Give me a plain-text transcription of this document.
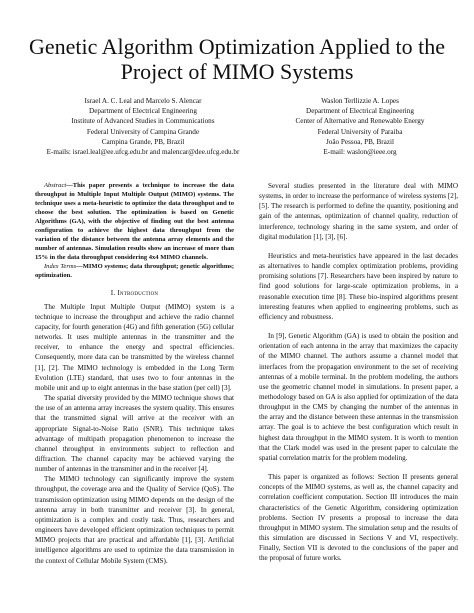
Genetic Algorithm Optimization Applied to the Project of MIMO Systems
Israel A. C. Leal and Marcelo S. Alencar
Department of Electrical Engineering
Institute of Advanced Studies in Communications
Federal University of Campina Grande
Campina Grande, PB, Brazil
E-mails: israel.leal@ee.ufcg.edu.br and malencar@dee.ufcg.edu.br
Waslon Terllizzie A. Lopes
Department of Electrical Engineering
Center of Alternative and Renewable Energy
Federal University of Paraiba
João Pessoa, PB, Brazil
E-mail: waslon@ieee.org

Abstract—This paper presents a technique to increase the data throughput in Multiple Input Multiple Output (MIMO) systems. The technique uses a meta-heuristic to optimize the data throughput and to choose the best solution. The optimization is based on Genetic Algorithms (GA), with the objective of finding out the best antenna configuration to achieve the highest data throughput from the variation of the distance between the antenna array elements and the number of antennas. Simulation results show an increase of more than 15% in the data throughput considering 4x4 MIMO channels.

Index Terms—MIMO systems; data throughput; genetic algorithms; optimization.

I. Introduction

The Multiple Input Multiple Output (MIMO) system is a technique to increase the throughput and achieve the radio channel capacity, for fourth generation (4G) and fifth generation (5G) cellular networks. It uses multiple antennas in the transmitter and the receiver, to enhance the energy and spectral efficiencies. Consequently, more data can be transmitted by the wireless channel [1], [2]. The MIMO technology is embedded in the Long Term Evolution (LTE) standard, that uses two to four antennas in the mobile unit and up to eight antennas in the base station (per cell) [3].

The spatial diversity provided by the MIMO technique shows that the use of an antenna array increases the system quality. This ensures that the transmitted signal will arrive at the receiver with an appropriate Signal-to-Noise Ratio (SNR). This technique takes advantage of multipath propagation phenomenon to increase the channel throughput in environments subject to reflection and diffraction. The channel capacity may be achieved varying the number of antennas in the transmitter and in the receiver [4].

The MIMO technology can significantly improve the system throughput, the coverage area and the Quality of Service (QoS). The transmission optimization using MIMO depends on the design of the antenna array in both transmitter and receiver [3]. In general, optimization is a complex and costly task. Thus, researchers and engineers have developed efficient optimization techniques to permit MIMO projects that are practical and affordable [1], [3]. Artificial intelligence algorithms are used to optimize the data transmission in the context of Cellular Mobile System (CMS).

Several studies presented in the literature deal with MIMO systems, in order to increase the performance of wireless systems [2], [5]. The research is performed to define the quantity, positioning and gain of the antennas, optimization of channel quality, reduction of interference, technology sharing in the same system, and order of digital modulation [1], [3], [6].

Heuristics and meta-heuristics have appeared in the last decades as alternatives to handle complex optimization problems, providing promising solutions [7]. Researchers have been inspired by nature to find good solutions for large-scale optimization problems, in a reasonable execution time [8]. These bio-inspired algorithms present interesting features when applied to engineering problems, such as efficiency and robustness.

In [9], Genetic Algorithm (GA) is used to obtain the position and orientation of each antenna in the array that maximizes the capacity of the MIMO channel. The authors assume a channel model that interfaces from the propagation environment to the set of receiving antennas of a mobile terminal. In the problem modeling, the authors use the geometric channel model in simulations. In present paper, a methodology based on GA is also applied for optimization of the data throughput in the CMS by changing the number of the antennas in the array and the distance between these antennas in the transmission array. The goal is to achieve the best configuration which result in highest data throughput in the MIMO system. It is worth to mention that the Clark model was used in the present paper to calculate the spatial correlation matrix for the problem modeling.

This paper is organized as follows: Section II presents general concepts of the MIMO systems, as well as, the channel capacity and correlation coefficient computation. Section III introduces the main characteristics of the Genetic Algorithm, considering optimization problems. Section IV presents a proposal to increase the data throughput in MIMO system. The simulation setup and the results of this simulation are discussed in Sections V and VI, respectively. Finally, Section VII is devoted to the conclusions of the paper and the proposal of future works.
